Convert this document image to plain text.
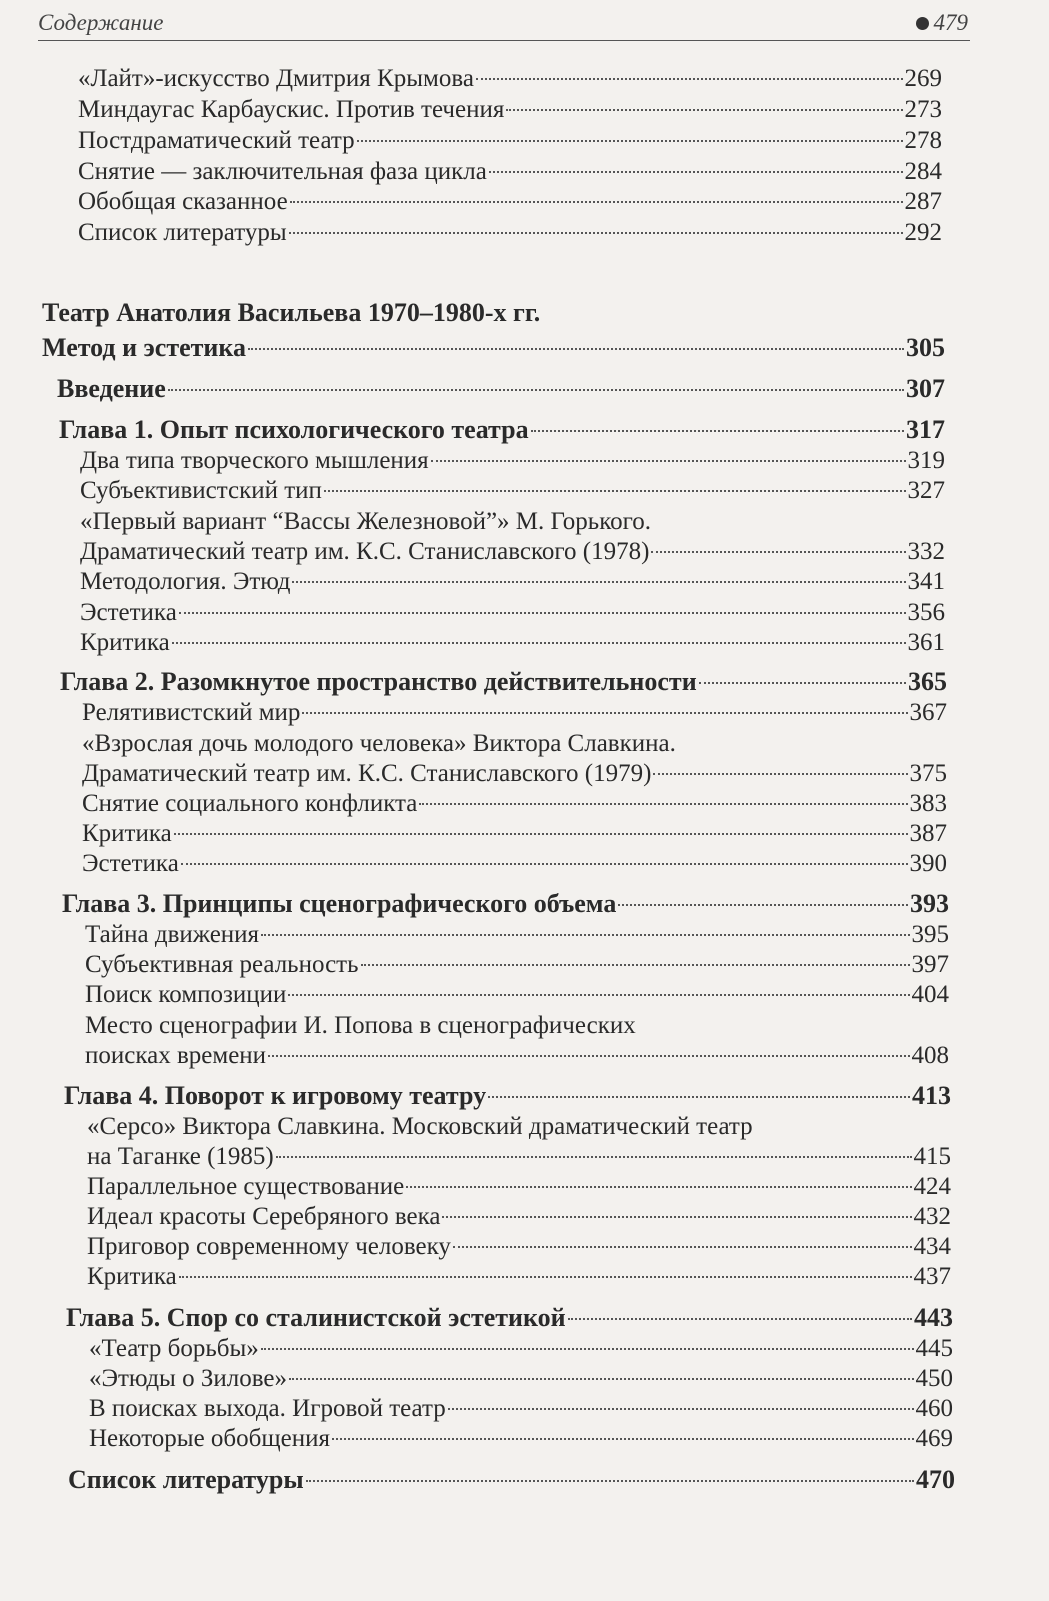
Содержание	479
«Лайт»-искусство Дмитрия Крымова	269
Миндаугас Карбаускис. Против течения	273
Постдраматический театр	278
Снятие — заключительная фаза цикла	284
Обобщая сказанное	287
Список литературы	292
Театр Анатолия Васильева 1970–1980-х гг.
Метод и эстетика	305
Введение	307
Глава 1. Опыт психологического театра	317
Два типа творческого мышления	319
Субъективистский тип	327
«Первый вариант “Вассы Железновой”» М. Горького.
Драматический театр им. К.С. Станиславского (1978)	332
Методология. Этюд	341
Эстетика	356
Критика	361
Глава 2. Разомкнутое пространство действительности	365
Релятивистский мир	367
«Взрослая дочь молодого человека» Виктора Славкина.
Драматический театр им. К.С. Станиславского (1979)	375
Снятие социального конфликта	383
Критика	387
Эстетика	390
Глава 3. Принципы сценографического объема	393
Тайна движения	395
Субъективная реальность	397
Поиск композиции	404
Место сценографии И. Попова в сценографических
поисках времени	408
Глава 4. Поворот к игровому театру	413
«Серсо» Виктора Славкина. Московский драматический театр
на Таганке (1985)	415
Параллельное существование	424
Идеал красоты Серебряного века	432
Приговор современному человеку	434
Критика	437
Глава 5. Спор со сталинистской эстетикой	443
«Театр борьбы»	445
«Этюды о Зилове»	450
В поисках выхода. Игровой театр	460
Некоторые обобщения	469
Список литературы	470
